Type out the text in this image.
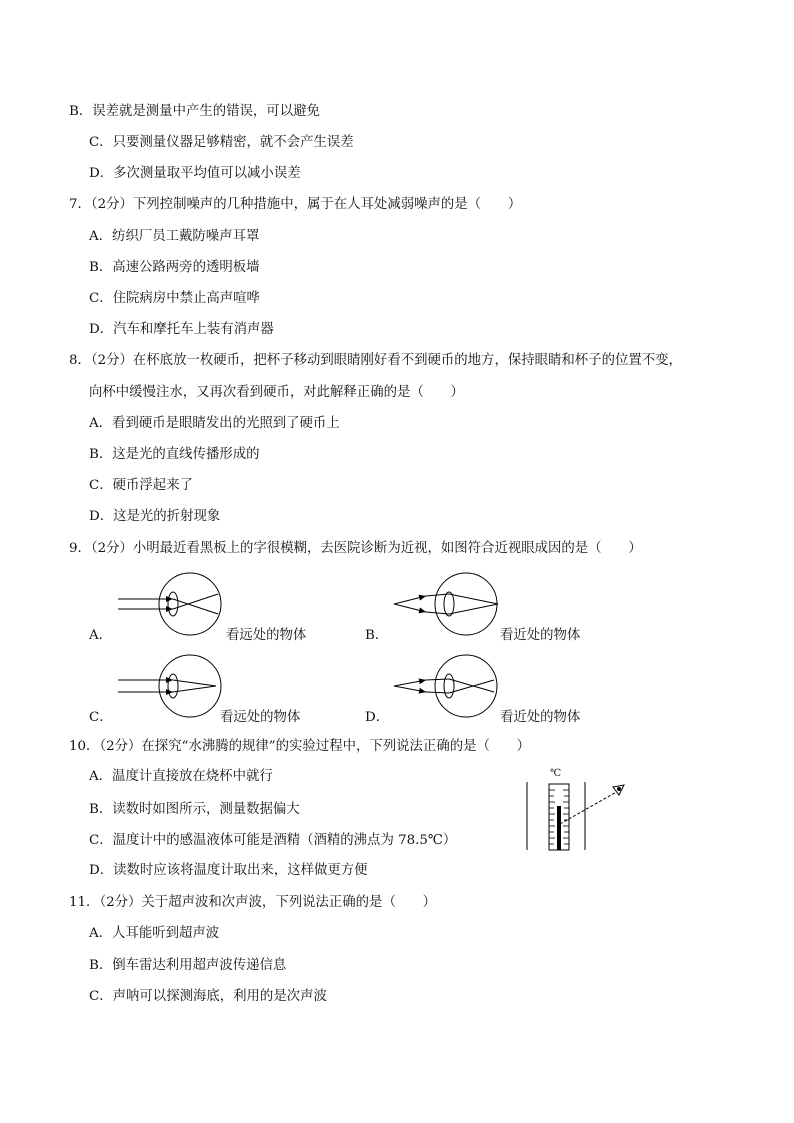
B．误差就是测量中产生的错误，可以避免
C．只要测量仪器足够精密，就不会产生误差
D．多次测量取平均值可以减小误差
7．（2分）下列控制噪声的几种措施中，属于在人耳处减弱噪声的是（　　）
A．纺织厂员工戴防噪声耳罩
B．高速公路两旁的透明板墙
C．住院病房中禁止高声喧哗
D．汽车和摩托车上装有消声器
8．（2分）在杯底放一枚硬币，把杯子移动到眼睛刚好看不到硬币的地方，保持眼睛和杯子的位置不变，
向杯中缓慢注水，又再次看到硬币，对此解释正确的是（　　）
A．看到硬币是眼睛发出的光照到了硬币上
B．这是光的直线传播形成的
C．硬币浮起来了
D．这是光的折射现象
9．（2分）小明最近看黑板上的字很模糊，去医院诊断为近视，如图符合近视眼成因的是（　　）
A．	看远处的物体	B．	看近处的物体
C．	看远处的物体	D．	看近处的物体
10．（2分）在探究“水沸腾的规律”的实验过程中，下列说法正确的是（　　）
A．温度计直接放在烧杯中就行
B．读数时如图所示，测量数据偏大
C．温度计中的感温液体可能是酒精（酒精的沸点为 78.5℃）
D．读数时应该将温度计取出来，这样做更方便
℃
11．（2分）关于超声波和次声波，下列说法正确的是（　　）
A．人耳能听到超声波
B．倒车雷达利用超声波传递信息
C．声呐可以探测海底，利用的是次声波
